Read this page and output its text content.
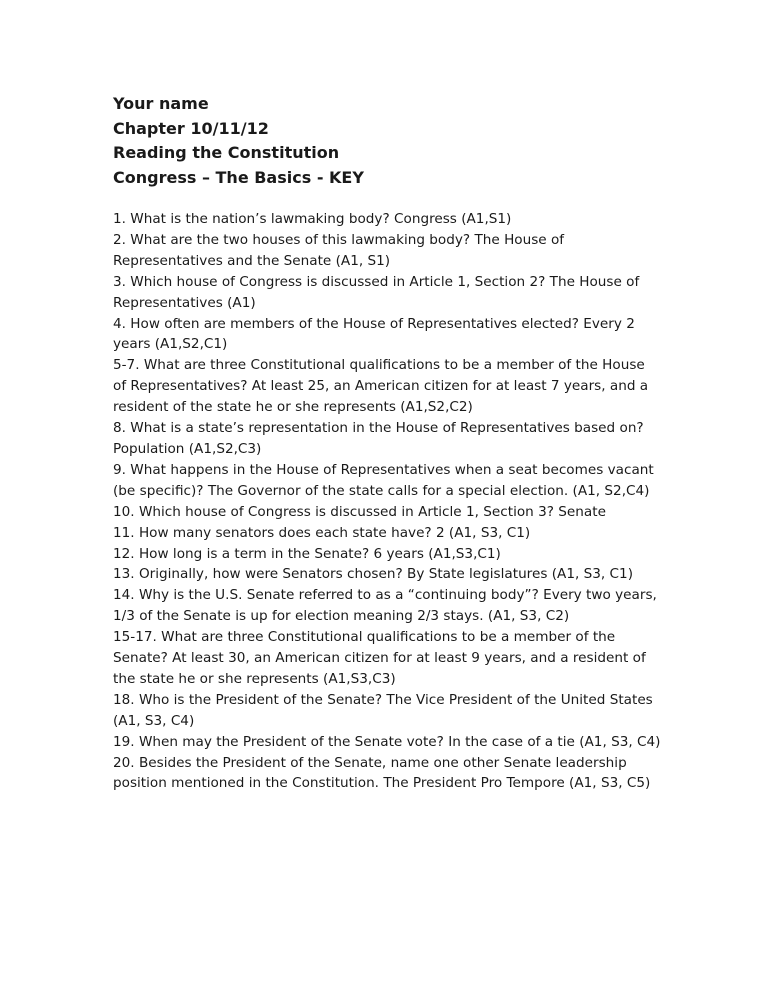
Your name
Chapter 10/11/12
Reading the Constitution
Congress – The Basics - KEY

1. What is the nation’s lawmaking body? Congress (A1,S1)

2. What are the two houses of this lawmaking body? The House of Representatives and the Senate (A1, S1)

3. Which house of Congress is discussed in Article 1, Section 2? The House of Representatives (A1)

4. How often are members of the House of Representatives elected? Every 2 years (A1,S2,C1)

5-7. What are three Constitutional qualifications to be a member of the House of Representatives? At least 25, an American citizen for at least 7 years, and a resident of the state he or she represents (A1,S2,C2)

8. What is a state’s representation in the House of Representatives based on? Population (A1,S2,C3)

9. What happens in the House of Representatives when a seat becomes vacant (be specific)? The Governor of the state calls for a special election. (A1, S2,C4)

10. Which house of Congress is discussed in Article 1, Section 3? Senate

11. How many senators does each state have? 2 (A1, S3, C1)

12. How long is a term in the Senate? 6 years (A1,S3,C1)

13. Originally, how were Senators chosen? By State legislatures (A1, S3, C1)

14. Why is the U.S. Senate referred to as a “continuing body”? Every two years, 1/3 of the Senate is up for election meaning 2/3 stays. (A1, S3, C2)

15-17. What are three Constitutional qualifications to be a member of the Senate? At least 30, an American citizen for at least 9 years, and a resident of the state he or she represents (A1,S3,C3)

18. Who is the President of the Senate? The Vice President of the United States (A1, S3, C4)

19. When may the President of the Senate vote? In the case of a tie (A1, S3, C4)

20. Besides the President of the Senate, name one other Senate leadership position mentioned in the Constitution. The President Pro Tempore (A1, S3, C5)
